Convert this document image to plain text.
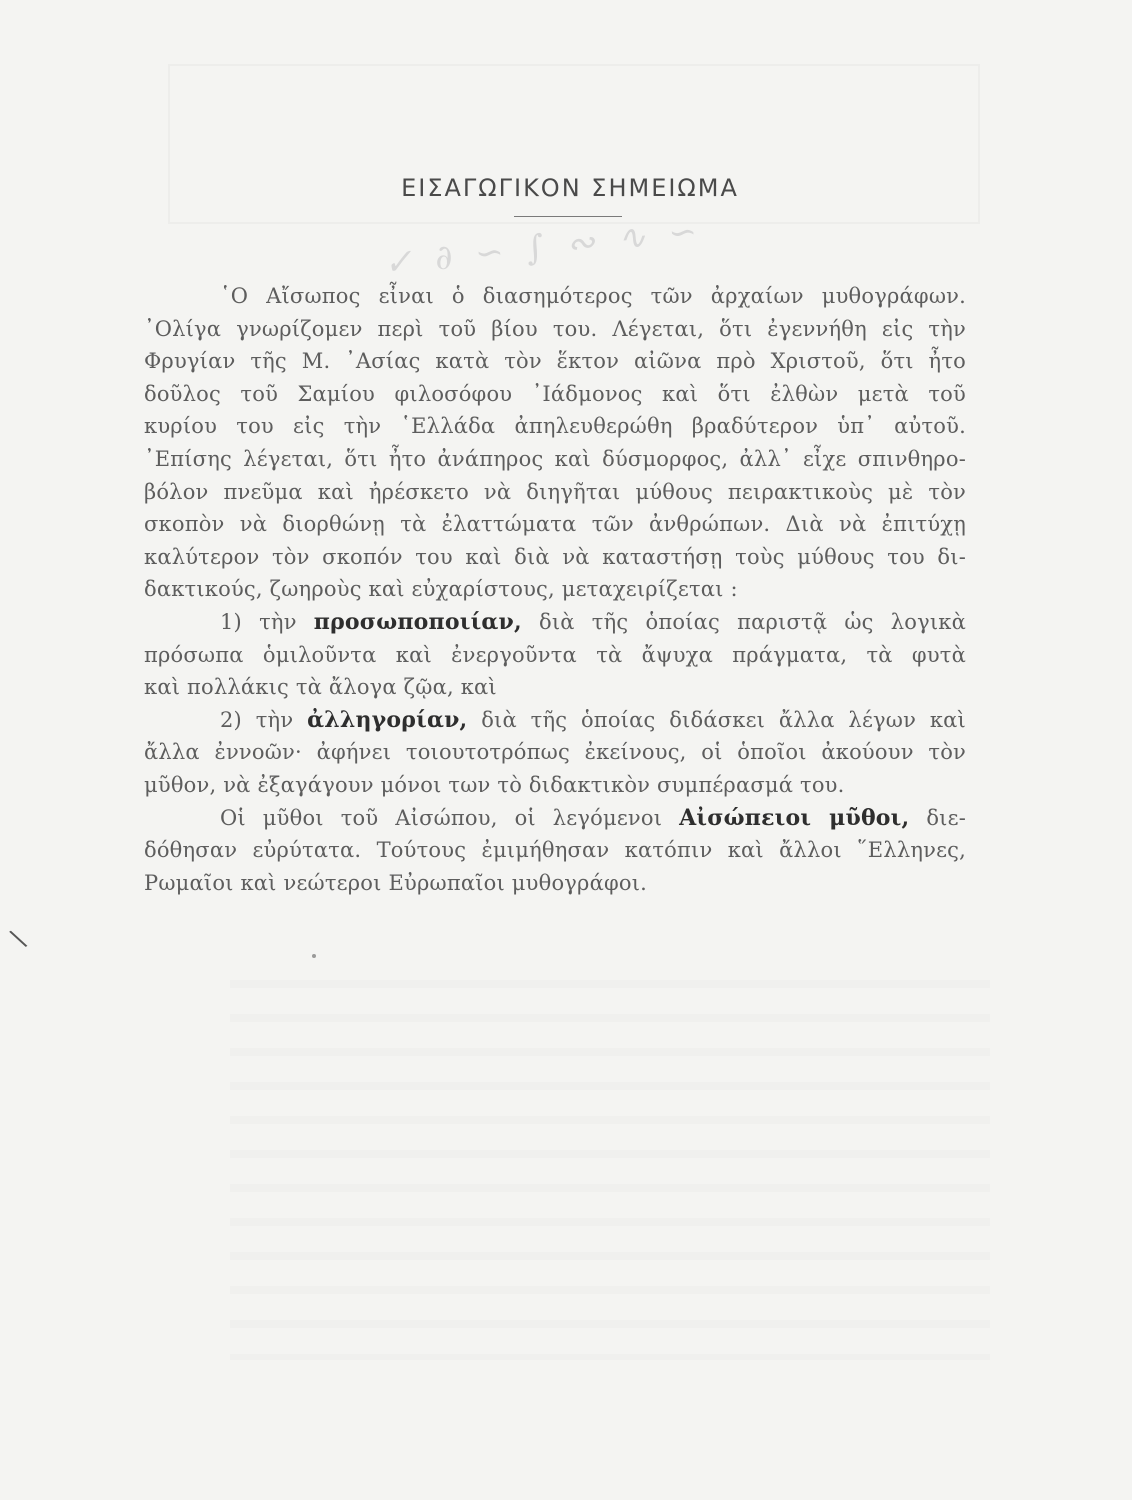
ΕΙΣΑΓΩΓΙΚΟΝ ΣΗΜΕΙΩΜΑ
✓ ∂ ∽ ∫ ∾ ∿ ∽
῾Ο Αἴσωπος εἶναι ὁ διασημότερος τῶν ἀρχαίων μυθογράφων.
᾿Ολίγα γνωρίζομεν περὶ τοῦ βίου του. Λέγεται, ὅτι ἐγεννήθη εἰς τὴν
Φρυγίαν τῆς Μ. ᾿Ασίας κατὰ τὸν ἕκτον αἰῶνα πρὸ Χριστοῦ, ὅτι ἦτο
δοῦλος τοῦ Σαμίου φιλοσόφου ᾿Ιάδμονος καὶ ὅτι ἐλθὼν μετὰ τοῦ
κυρίου του εἰς τὴν ῾Ελλάδα ἀπηλευθερώθη βραδύτερον ὑπ᾿ αὐτοῦ.
᾿Επίσης λέγεται, ὅτι ἦτο ἀνάπηρος καὶ δύσμορφος, ἀλλ᾿ εἶχε σπινθηρο-
βόλον πνεῦμα καὶ ἠρέσκετο νὰ διηγῆται μύθους πειρακτικοὺς μὲ τὸν
σκοπὸν νὰ διορθώνῃ τὰ ἐλαττώματα τῶν ἀνθρώπων. Διὰ νὰ ἐπιτύχῃ
καλύτερον τὸν σκοπόν του καὶ διὰ νὰ καταστήσῃ τοὺς μύθους του δι-
δακτικούς, ζωηροὺς καὶ εὐχαρίστους, μεταχειρίζεται :
1) τὴν προσωποποιίαν, διὰ τῆς ὁποίας παριστᾷ ὡς λογικὰ
πρόσωπα ὁμιλοῦντα καὶ ἐνεργοῦντα τὰ ἄψυχα πράγματα, τὰ φυτὰ
καὶ πολλάκις τὰ ἄλογα ζῷα, καὶ
2) τὴν ἀλληγορίαν, διὰ τῆς ὁποίας διδάσκει ἄλλα λέγων καὶ
ἄλλα ἐννοῶν· ἀφήνει τοιουτοτρόπως ἐκείνους, οἱ ὁποῖοι ἀκούουν τὸν
μῦθον, νὰ ἐξαγάγουν μόνοι των τὸ διδακτικὸν συμπέρασμά του.
Οἱ μῦθοι τοῦ Αἰσώπου, οἱ λεγόμενοι Αἰσώπειοι μῦθοι, διε-
δόθησαν εὐρύτατα. Τούτους ἐμιμήθησαν κατόπιν καὶ ἄλλοι ῞Ελληνες,
Ρωμαῖοι καὶ νεώτεροι Εὐρωπαῖοι μυθογράφοι.
\
